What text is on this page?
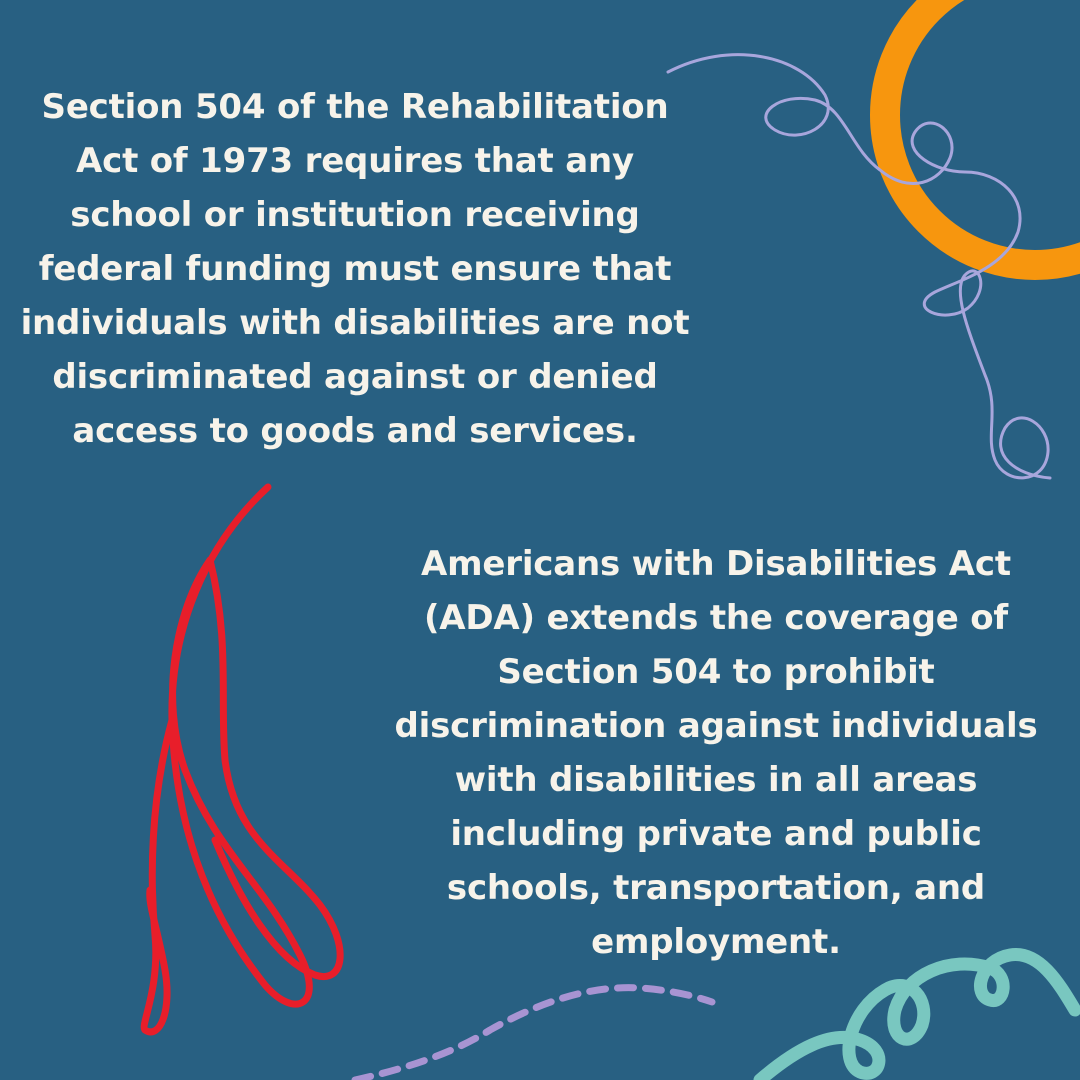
Section 504 of the Rehabilitation
Act of 1973 requires that any
school or institution receiving
federal funding must ensure that
individuals with disabilities are not
discriminated against or denied
access to goods and services.
Americans with Disabilities Act
(ADA) extends the coverage of
Section 504 to prohibit
discrimination against individuals
with disabilities in all areas
including private and public
schools, transportation, and
employment.
